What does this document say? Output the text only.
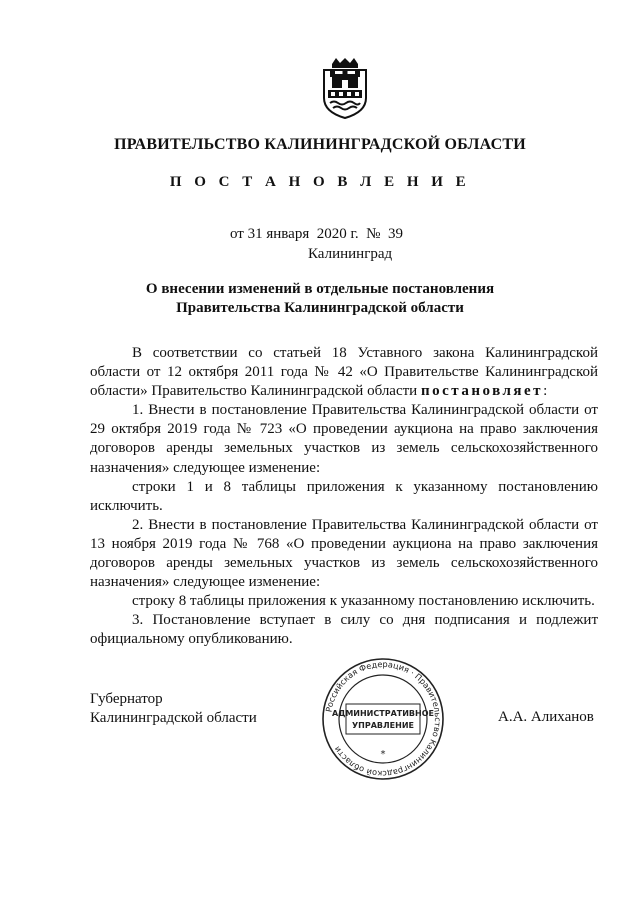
ПРАВИТЕЛЬСТВО КАЛИНИНГРАДСКОЙ ОБЛАСТИ
П О С Т А Н О В Л Е Н И Е
от 31 января  2020 г.  №  39
Калининград
О внесении изменений в отдельные постановления
Правительства Калининградской области

В соответствии со статьей 18 Уставного закона Калининградской области от 12 октября 2011 года № 42 «О Правительстве Калининградской области» Правительство Калининградской области постановляет:

1. Внести в постановление Правительства Калининградской области от 29 октября 2019 года № 723 «О проведении аукциона на право заключения договоров аренды земельных участков из земель сельскохозяйственного назначения» следующее изменение:

строки 1 и 8 таблицы приложения к указанному постановлению исключить.

2. Внести в постановление Правительства Калининградской области от 13 ноября 2019 года № 768 «О проведении аукциона на право заключения договоров аренды земельных участков из земель сельскохозяйственного назначения» следующее изменение:

строку 8 таблицы приложения к указанному постановлению исключить.

3. Постановление вступает в силу со дня подписания и подлежит официальному опубликованию.

Губернатор
Калининградской области
Российская Федерация · Правительство Калининградской области
АДМИНИСТРАТИВНОЕ
УПРАВЛЕНИЕ
*
А.А. Алиханов
